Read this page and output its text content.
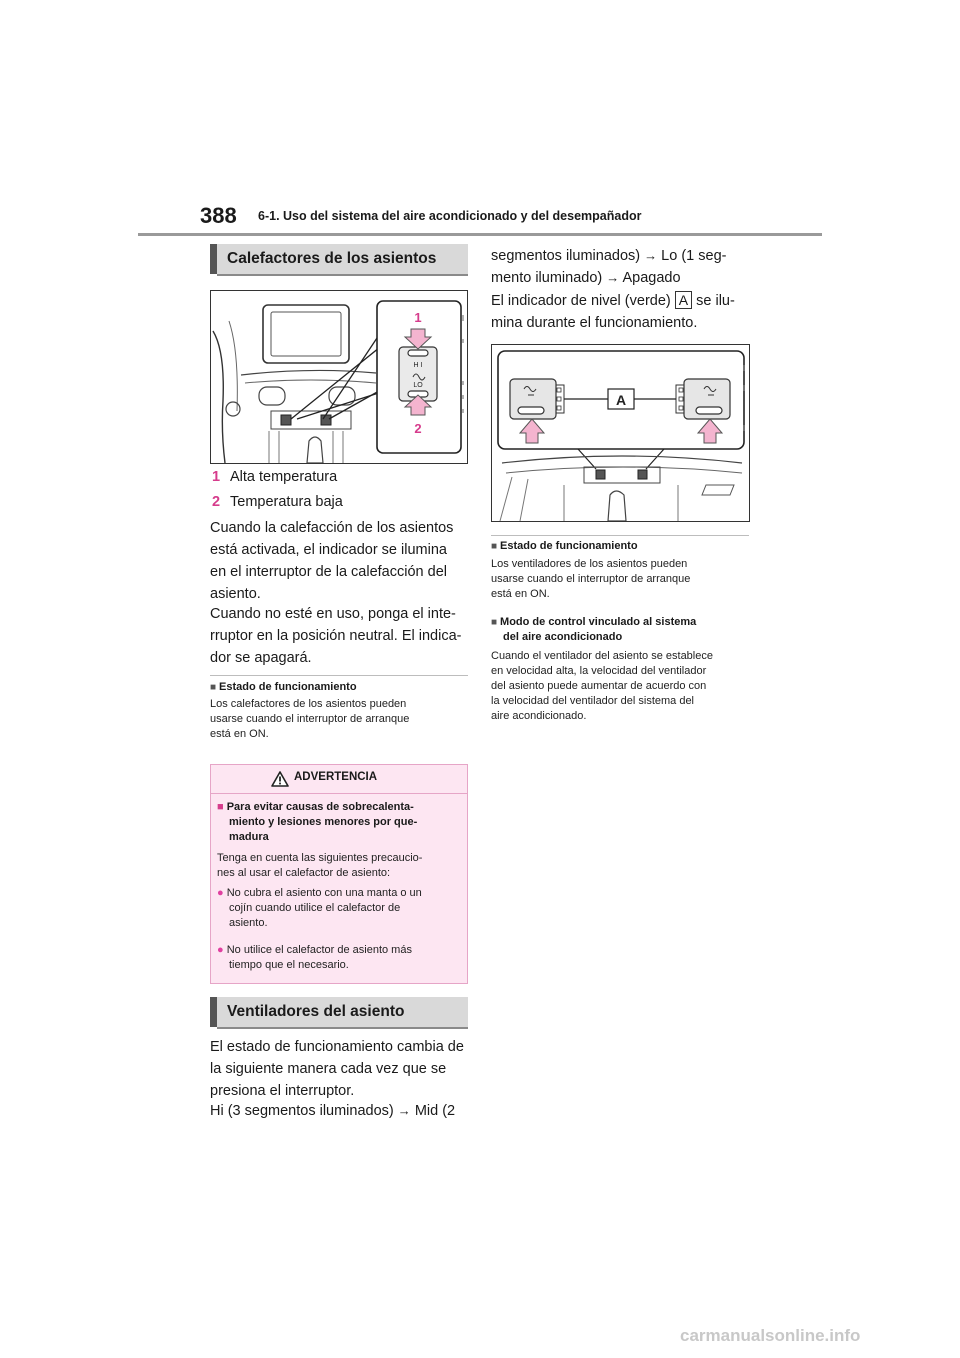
388 6-1. Uso del sistema del aire acondicionado y del desempañador
Calefactores de los asientos
H I
LO
1
2
1 Alta temperatura
2 Temperatura baja
Cuando la calefacción de los asientos
está activada, el indicador se ilumina
en el interruptor de la calefacción del
asiento.
Cuando no esté en uso, ponga el inte-
rruptor en la posición neutral. El indica-
dor se apagará.
■ Estado de funcionamiento
Los calefactores de los asientos pueden
usarse cuando el interruptor de arranque
está en ON.
ADVERTENCIA
■ Para evitar causas de sobrecalenta-
miento y lesiones menores por que-
madura
Tenga en cuenta las siguientes precaucio-
nes al usar el calefactor de asiento:
● No cubra el asiento con una manta o un
cojín cuando utilice el calefactor de
asiento.
● No utilice el calefactor de asiento más
tiempo que el necesario.
Ventiladores del asiento
El estado de funcionamiento cambia de
la siguiente manera cada vez que se
presiona el interruptor.
Hi (3 segmentos iluminados) → Mid (2
segmentos iluminados) → Lo (1 seg-
mento iluminado) → Apagado
El indicador de nivel (verde) A se ilu-
mina durante el funcionamiento.
A
■ Estado de funcionamiento
Los ventiladores de los asientos pueden
usarse cuando el interruptor de arranque
está en ON.
■ Modo de control vinculado al sistema
del aire acondicionado
Cuando el ventilador del asiento se establece
en velocidad alta, la velocidad del ventilador
del asiento puede aumentar de acuerdo con
la velocidad del ventilador del sistema del
aire acondicionado.
carmanualsonline.info
